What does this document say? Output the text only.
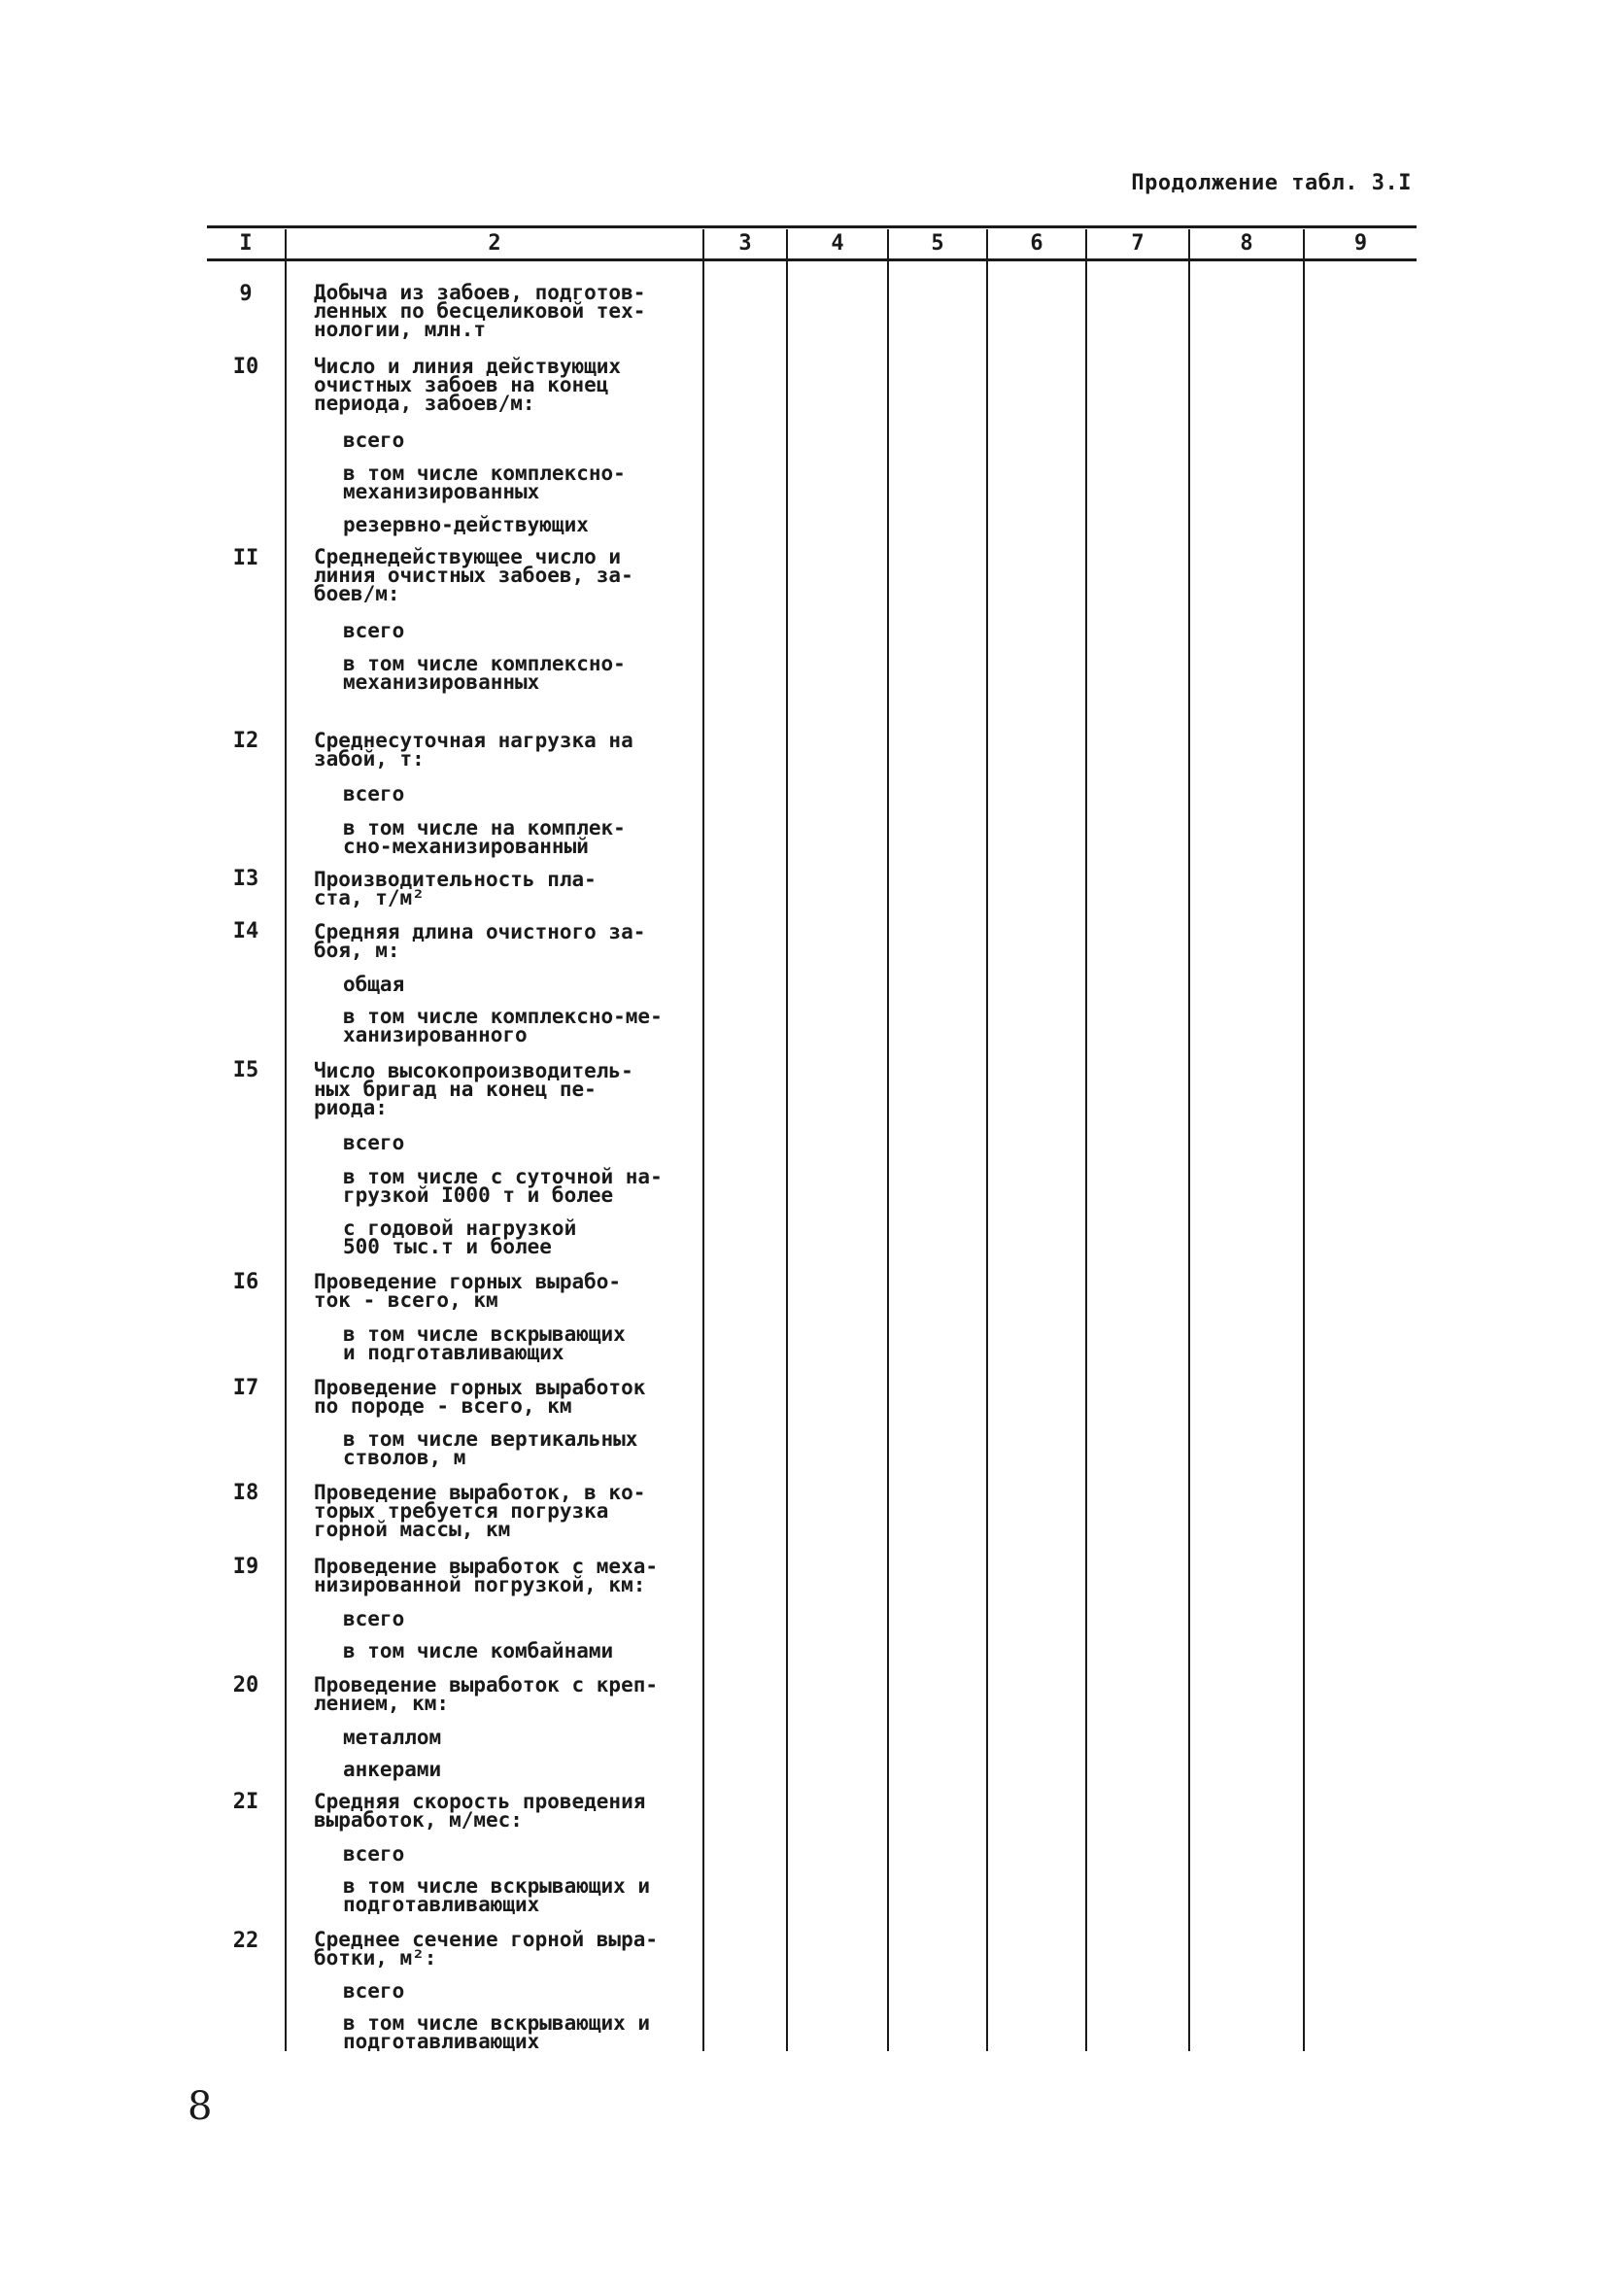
Продолжение табл. 3.I
I	2	3	4	5	6	7	8	9
9	Добыча из забоев, подготов-
ленных по бесцеликовой тех-
нологии, млн.т
I0	Число и линия действующих
очистных забоев на конец
периода, забоев/м:
всего
в том числе комплексно-
механизированных
резервно-действующих
II	Среднедействующее число и
линия очистных забоев, за-
боев/м:
всего
в том числе комплексно-
механизированных
I2	Среднесуточная нагрузка на
забой, т:
всего
в том числе на комплек-
сно-механизированный
I3	Производительность пла-
ста, т/м²
I4	Средняя длина очистного за-
боя, м:
общая
в том числе комплексно-ме-
ханизированного
I5	Число высокопроизводитель-
ных бригад на конец пе-
риода:
всего
в том числе с суточной на-
грузкой I000 т и более
с годовой нагрузкой
500 тыс.т и более
I6	Проведение горных вырабо-
ток - всего, км
в том числе вскрывающих
и подготавливающих
I7	Проведение горных выработок
по породе - всего, км
в том числе вертикальных
стволов, м
I8	Проведение выработок, в ко-
торых требуется погрузка
горной массы, км
I9	Проведение выработок с меха-
низированной погрузкой, км:
всего
в том числе комбайнами
20	Проведение выработок с креп-
лением, км:
металлом
анкерами
2I	Средняя скорость проведения
выработок, м/мес:
всего
в том числе вскрывающих и
подготавливающих
22	Среднее сечение горной выра-
ботки, м²:
всего
в том числе вскрывающих и
подготавливающих
8
